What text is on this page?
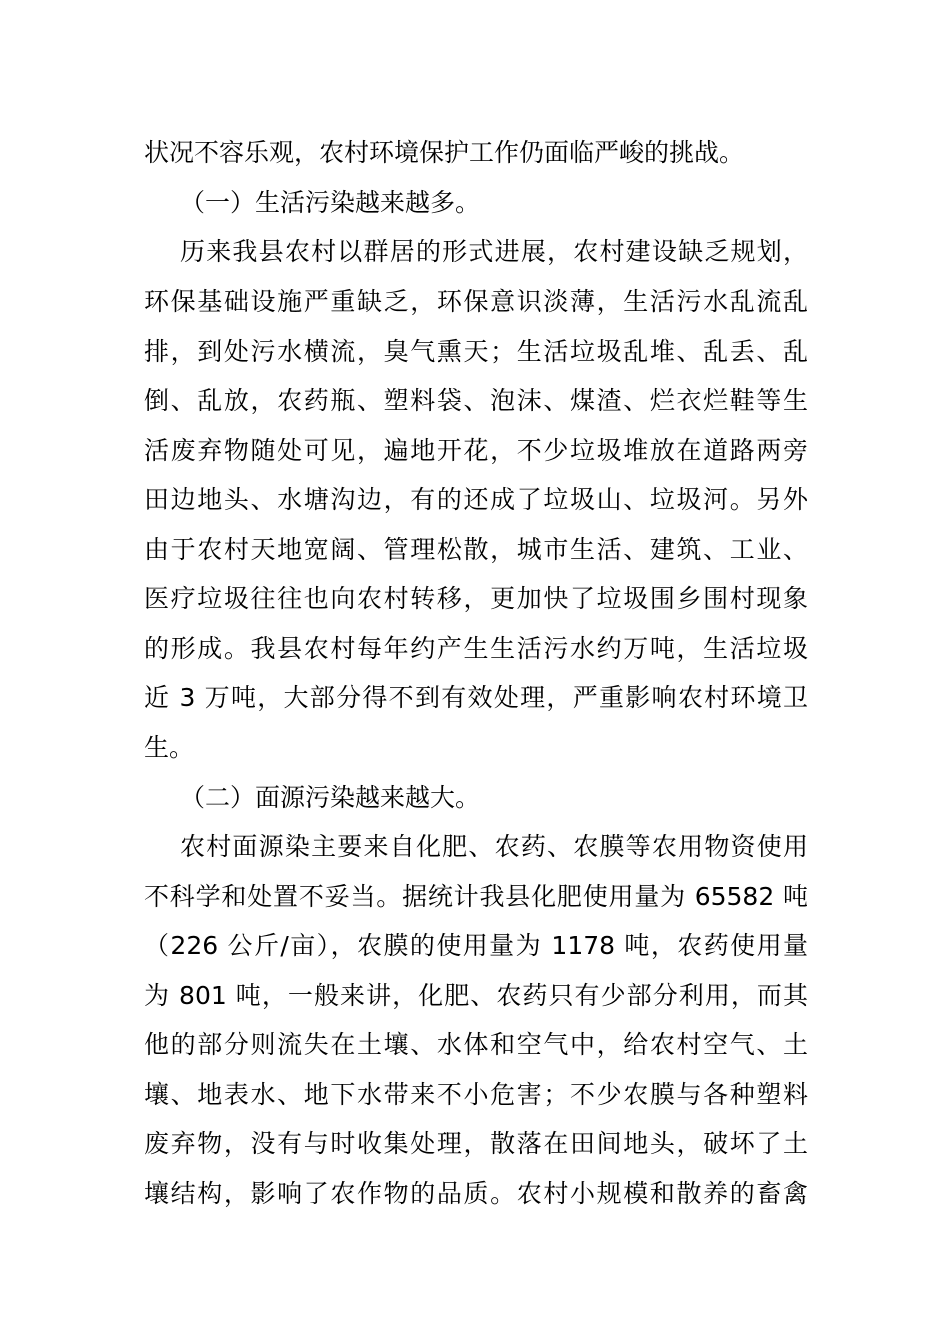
状况不容乐观，农村环境保护工作仍面临严峻的挑战。
（一）生活污染越来越多。
历来我县农村以群居的形式进展，农村建设缺乏规划，
环保基础设施严重缺乏，环保意识淡薄，生活污水乱流乱
排，到处污水横流，臭气熏天；生活垃圾乱堆、乱丢、乱
倒、乱放，农药瓶、塑料袋、泡沫、煤渣、烂衣烂鞋等生
活废弃物随处可见，遍地开花，不少垃圾堆放在道路两旁
田边地头、水塘沟边，有的还成了垃圾山、垃圾河。另外
由于农村天地宽阔、管理松散，城市生活、建筑、工业、
医疗垃圾往往也向农村转移，更加快了垃圾围乡围村现象
的形成。我县农村每年约产生生活污水约万吨，生活垃圾
近 3 万吨，大部分得不到有效处理，严重影响农村环境卫
生。
（二）面源污染越来越大。
农村面源染主要来自化肥、农药、农膜等农用物资使用
不科学和处置不妥当。据统计我县化肥使用量为 65582 吨
（226 公斤/亩），农膜的使用量为 1178 吨，农药使用量
为 801 吨，一般来讲，化肥、农药只有少部分利用，而其
他的部分则流失在土壤、水体和空气中，给农村空气、土
壤、地表水、地下水带来不小危害；不少农膜与各种塑料
废弃物，没有与时收集处理，散落在田间地头，破坏了土
壤结构，影响了农作物的品质。农村小规模和散养的畜禽
